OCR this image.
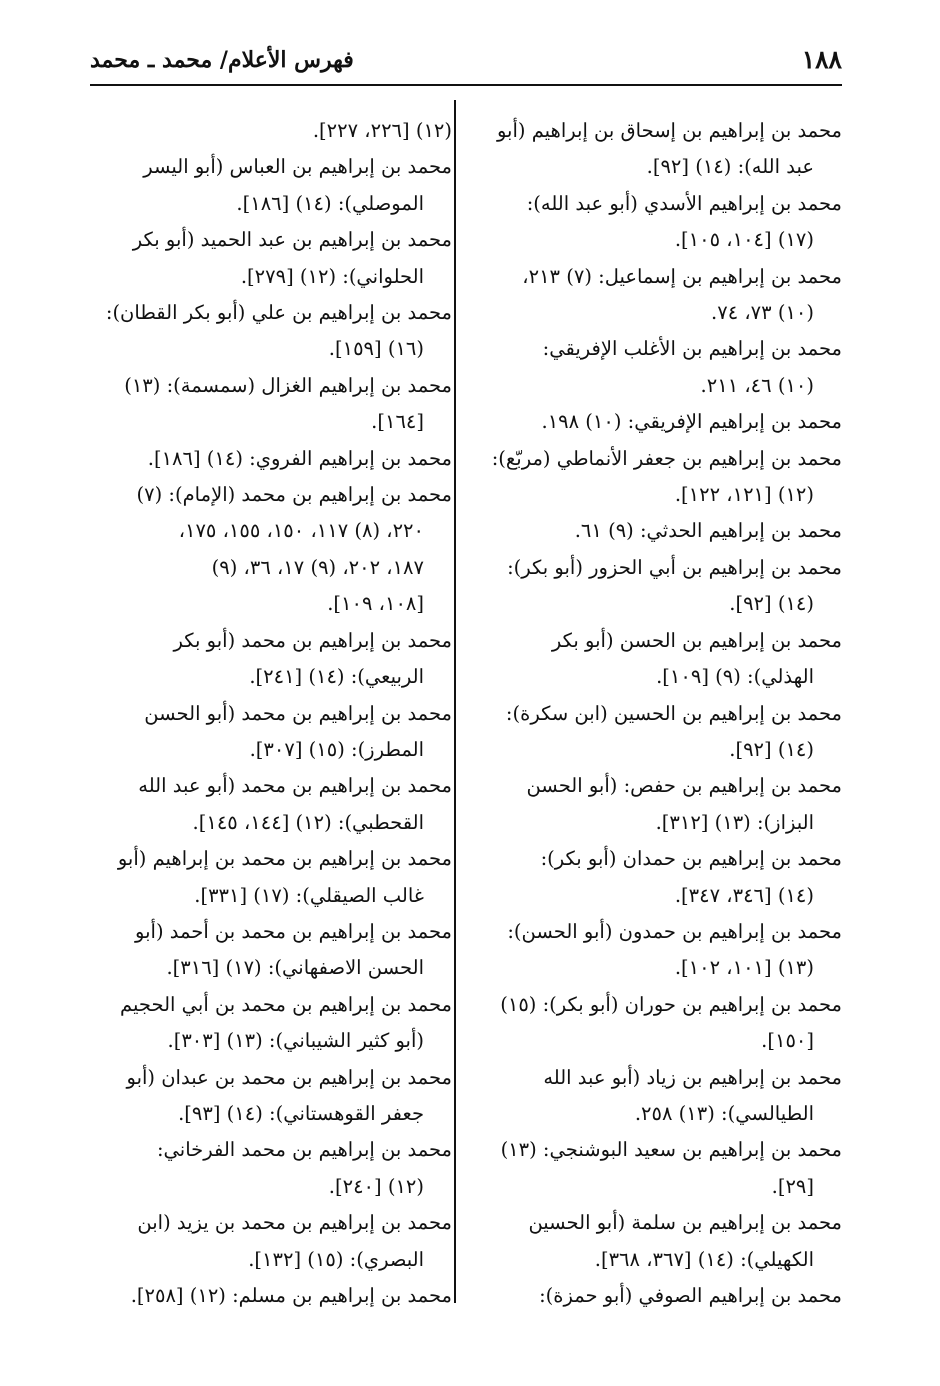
١٨٨
فهرس الأعلام/ محمد ـ محمد
محمد بن إبراهيم بن إسحاق بن إبراهيم (أبو
عبد الله): (١٤) [٩٢].
محمد بن إبراهيم الأسدي (أبو عبد الله):
(١٧) [١٠٤، ١٠٥].
محمد بن إبراهيم بن إسماعيل: (٧) ٢١٣،
(١٠) ٧٣، ٧٤.
محمد بن إبراهيم بن الأغلب الإفريقي:
(١٠) ٤٦، ٢١١.
محمد بن إبراهيم الإفريقي: (١٠) ١٩٨.
محمد بن إبراهيم بن جعفر الأنماطي (مربّع):
(١٢) [١٢١، ١٢٢].
محمد بن إبراهيم الحدثي: (٩) ٦١.
محمد بن إبراهيم بن أبي الحزور (أبو بكر):
(١٤) [٩٢].
محمد بن إبراهيم بن الحسن (أبو بكر
الهذلي): (٩) [١٠٩].
محمد بن إبراهيم بن الحسين (ابن سكرة):
(١٤) [٩٢].
محمد بن إبراهيم بن حفص: (أبو الحسن
البزاز): (١٣) [٣١٢].
محمد بن إبراهيم بن حمدان (أبو بكر):
(١٤) [٣٤٦، ٣٤٧].
محمد بن إبراهيم بن حمدون (أبو الحسن):
(١٣) [١٠١، ١٠٢].
محمد بن إبراهيم بن حوران (أبو بكر): (١٥)
[١٥٠].
محمد بن إبراهيم بن زياد (أبو عبد الله
الطيالسي): (١٣) ٢٥٨.
محمد بن إبراهيم بن سعيد البوشنجي: (١٣)
[٢٩].
محمد بن إبراهيم بن سلمة (أبو الحسين
الكهيلي): (١٤) [٣٦٧، ٣٦٨].
محمد بن إبراهيم الصوفي (أبو حمزة):
(١٢) [٢٢٦، ٢٢٧].
محمد بن إبراهيم بن العباس (أبو اليسر
الموصلي): (١٤) [١٨٦].
محمد بن إبراهيم بن عبد الحميد (أبو بكر
الحلواني): (١٢) [٢٧٩].
محمد بن إبراهيم بن علي (أبو بكر القطان):
(١٦) [١٥٩].
محمد بن إبراهيم الغزال (سمسمة): (١٣)
[١٦٤].
محمد بن إبراهيم الفروي: (١٤) [١٨٦].
محمد بن إبراهيم بن محمد (الإمام): (٧)
٢٢٠، (٨) ١١٧، ١٥٠، ١٥٥، ١٧٥،
١٨٧، ٢٠٢، (٩) ١٧، ٣٦، (٩)
[١٠٨، ١٠٩].
محمد بن إبراهيم بن محمد (أبو بكر
الربيعي): (١٤) [٢٤١].
محمد بن إبراهيم بن محمد (أبو الحسن
المطرز): (١٥) [٣٠٧].
محمد بن إبراهيم بن محمد (أبو عبد الله
القحطبي): (١٢) [١٤٤، ١٤٥].
محمد بن إبراهيم بن محمد بن إبراهيم (أبو
غالب الصيقلي): (١٧) [٣٣١].
محمد بن إبراهيم بن محمد بن أحمد (أبو
الحسن الاصفهاني): (١٧) [٣١٦].
محمد بن إبراهيم بن محمد بن أبي الحجيم
(أبو كثير الشيباني): (١٣) [٣٠٣].
محمد بن إبراهيم بن محمد بن عبدان (أبو
جعفر القوهستاني): (١٤) [٩٣].
محمد بن إبراهيم بن محمد الفرخاني:
(١٢) [٢٤٠].
محمد بن إبراهيم بن محمد بن يزيد (ابن
البصري): (١٥) [١٣٢].
محمد بن إبراهيم بن مسلم: (١٢) [٢٥٨].
